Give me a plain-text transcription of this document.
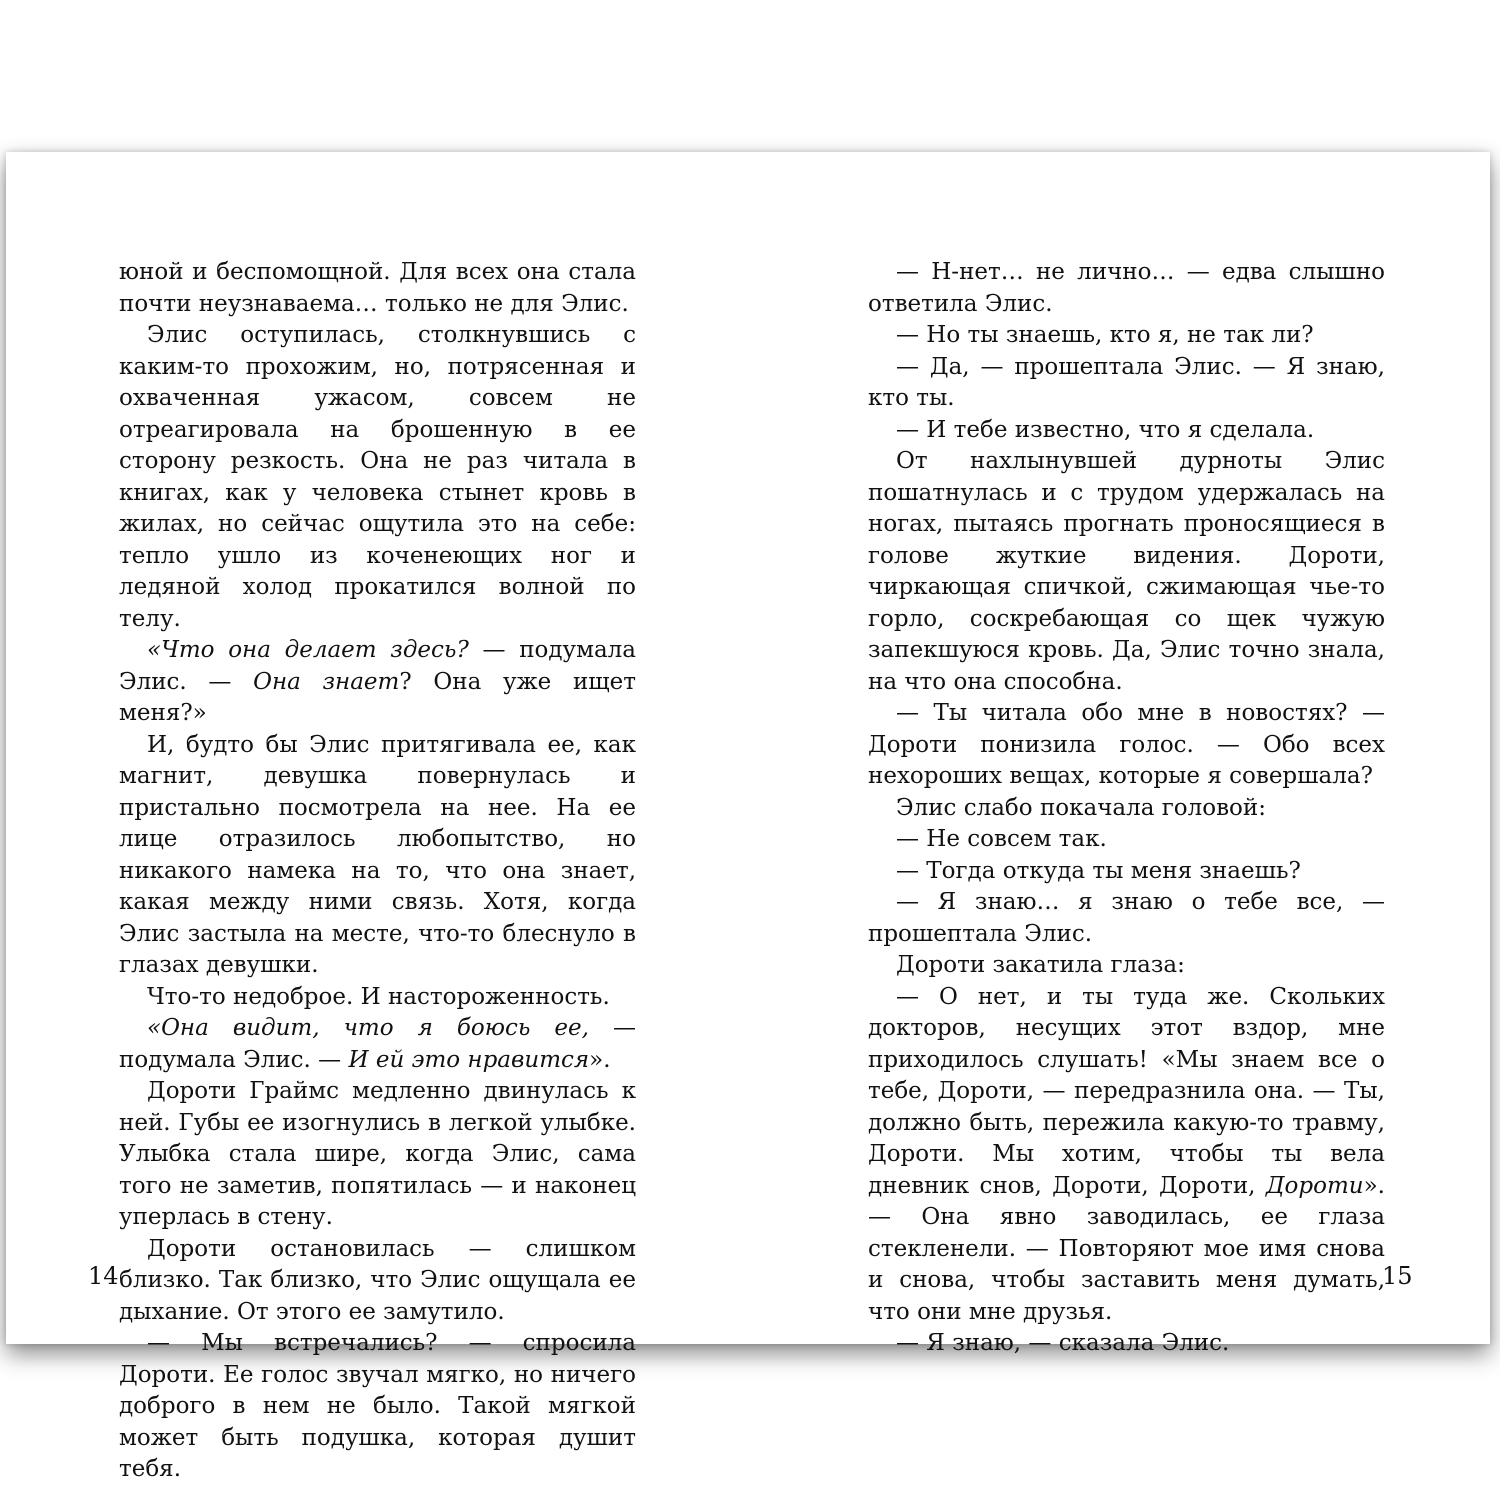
юной и беспомощной. Для всех она стала почти неузнаваема… только не для Элис.

Элис оступилась, столкнувшись с каким-то прохожим, но, потрясенная и охваченная ужасом, совсем не отреагировала на брошенную в ее сторону резкость. Она не раз читала в книгах, как у человека стынет кровь в жилах, но сейчас ощутила это на себе: тепло ушло из коченеющих ног и ледяной холод прокатился волной по телу.

«Что она делает здесь? — подумала Элис. — Она знает? Она уже ищет меня?»

И, будто бы Элис притягивала ее, как магнит, девушка повернулась и пристально посмотрела на нее. На ее лице отразилось любопытство, но никакого намека на то, что она знает, какая между ними связь. Хотя, когда Элис застыла на месте, что-то блеснуло в глазах девушки.

Что-то недоброе. И настороженность.

«Она видит, что я боюсь ее, — подумала Элис. — И ей это нравится».

Дороти Граймс медленно двинулась к ней. Губы ее изогнулись в легкой улыбке. Улыбка стала шире, когда Элис, сама того не заметив, попятилась — и наконец уперлась в стену.

Дороти остановилась — слишком близко. Так близко, что Элис ощущала ее дыхание. От этого ее замутило.

— Мы встречались? — спросила Дороти. Ее голос звучал мягко, но ничего доброго в нем не было. Такой мягкой может быть подушка, которая душит тебя.

— Н-нет… не лично… — едва слышно ответила Элис.

— Но ты знаешь, кто я, не так ли?

— Да, — прошептала Элис. — Я знаю, кто ты.

— И тебе известно, что я сделала.

От нахлынувшей дурноты Элис пошатнулась и с трудом удержалась на ногах, пытаясь прогнать проносящиеся в голове жуткие видения. Дороти, чиркающая спичкой, сжимающая чье-то горло, соскребающая со щек чужую запекшуюся кровь. Да, Элис точно знала, на что она способна.

— Ты читала обо мне в новостях? — Дороти понизила голос. — Обо всех нехороших вещах, которые я совершала?

Элис слабо покачала головой:

— Не совсем так.

— Тогда откуда ты меня знаешь?

— Я знаю… я знаю о тебе все, — прошептала Элис.

Дороти закатила глаза:

— О нет, и ты туда же. Скольких докторов, несущих этот вздор, мне приходилось слушать! «Мы знаем все о тебе, Дороти, — передразнила она. — Ты, должно быть, пережила какую-то травму, Дороти. Мы хотим, чтобы ты вела дневник снов, Дороти, Дороти, Дороти». — Она явно заводилась, ее глаза стекленели. — Повторяют мое имя снова и снова, чтобы заставить меня думать, что они мне друзья.

— Я знаю, — сказала Элис.

14	15
